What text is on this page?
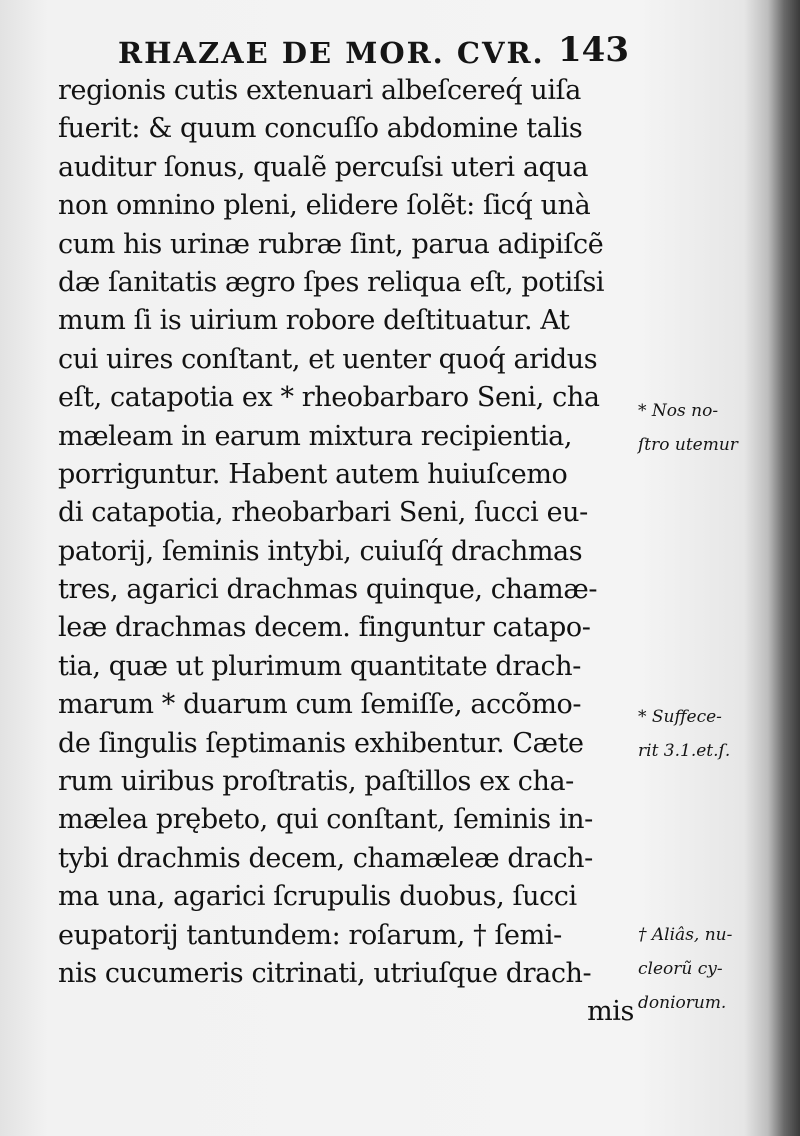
RHAZAE DE MOR. CVR. 143
regionis cutis extenuari albeſcereq́ uiſa
fuerit: & quum concuſſo abdomine talis
auditur ſonus, qualẽ percuſsi uteri aqua
non omnino pleni, elidere ſolẽt: ſicq́ unà
cum his urinæ rubræ ſint, parua adipiſcẽ
dæ ſanitatis ægro ſpes reliqua eſt, potiſsi
mum ſi is uirium robore deſtituatur. At
cui uires conſtant, et uenter quoq́ aridus
eſt, catapotia ex * rheobarbaro Seni, cha
mæleam in earum mixtura recipientia,
porriguntur. Habent autem huiuſcemo
di catapotia, rheobarbari Seni, ſucci eu-
patorij, ſeminis intybi, cuiuſq́ drachmas
tres, agarici drachmas quinque, chamæ-
leæ drachmas decem. finguntur catapo-
tia, quæ ut plurimum quantitate drach-
marum * duarum cum ſemiſſe, accõmo-
de ſingulis ſeptimanis exhibentur. Cæte
rum uiribus proſtratis, paſtillos ex cha-
mælea prębeto, qui conſtant, ſeminis in-
tybi drachmis decem, chamæleæ drach-
ma una, agarici ſcrupulis duobus, ſucci
eupatorij tantundem: roſarum, † ſemi-
nis cucumeris citrinati, utriuſque drach-
mis
* Nos no-
ſtro utemur
* Suffece-
rit 3.1.et.ſ.
† Aliâs, nu-
cleorũ cy-
doniorum.
